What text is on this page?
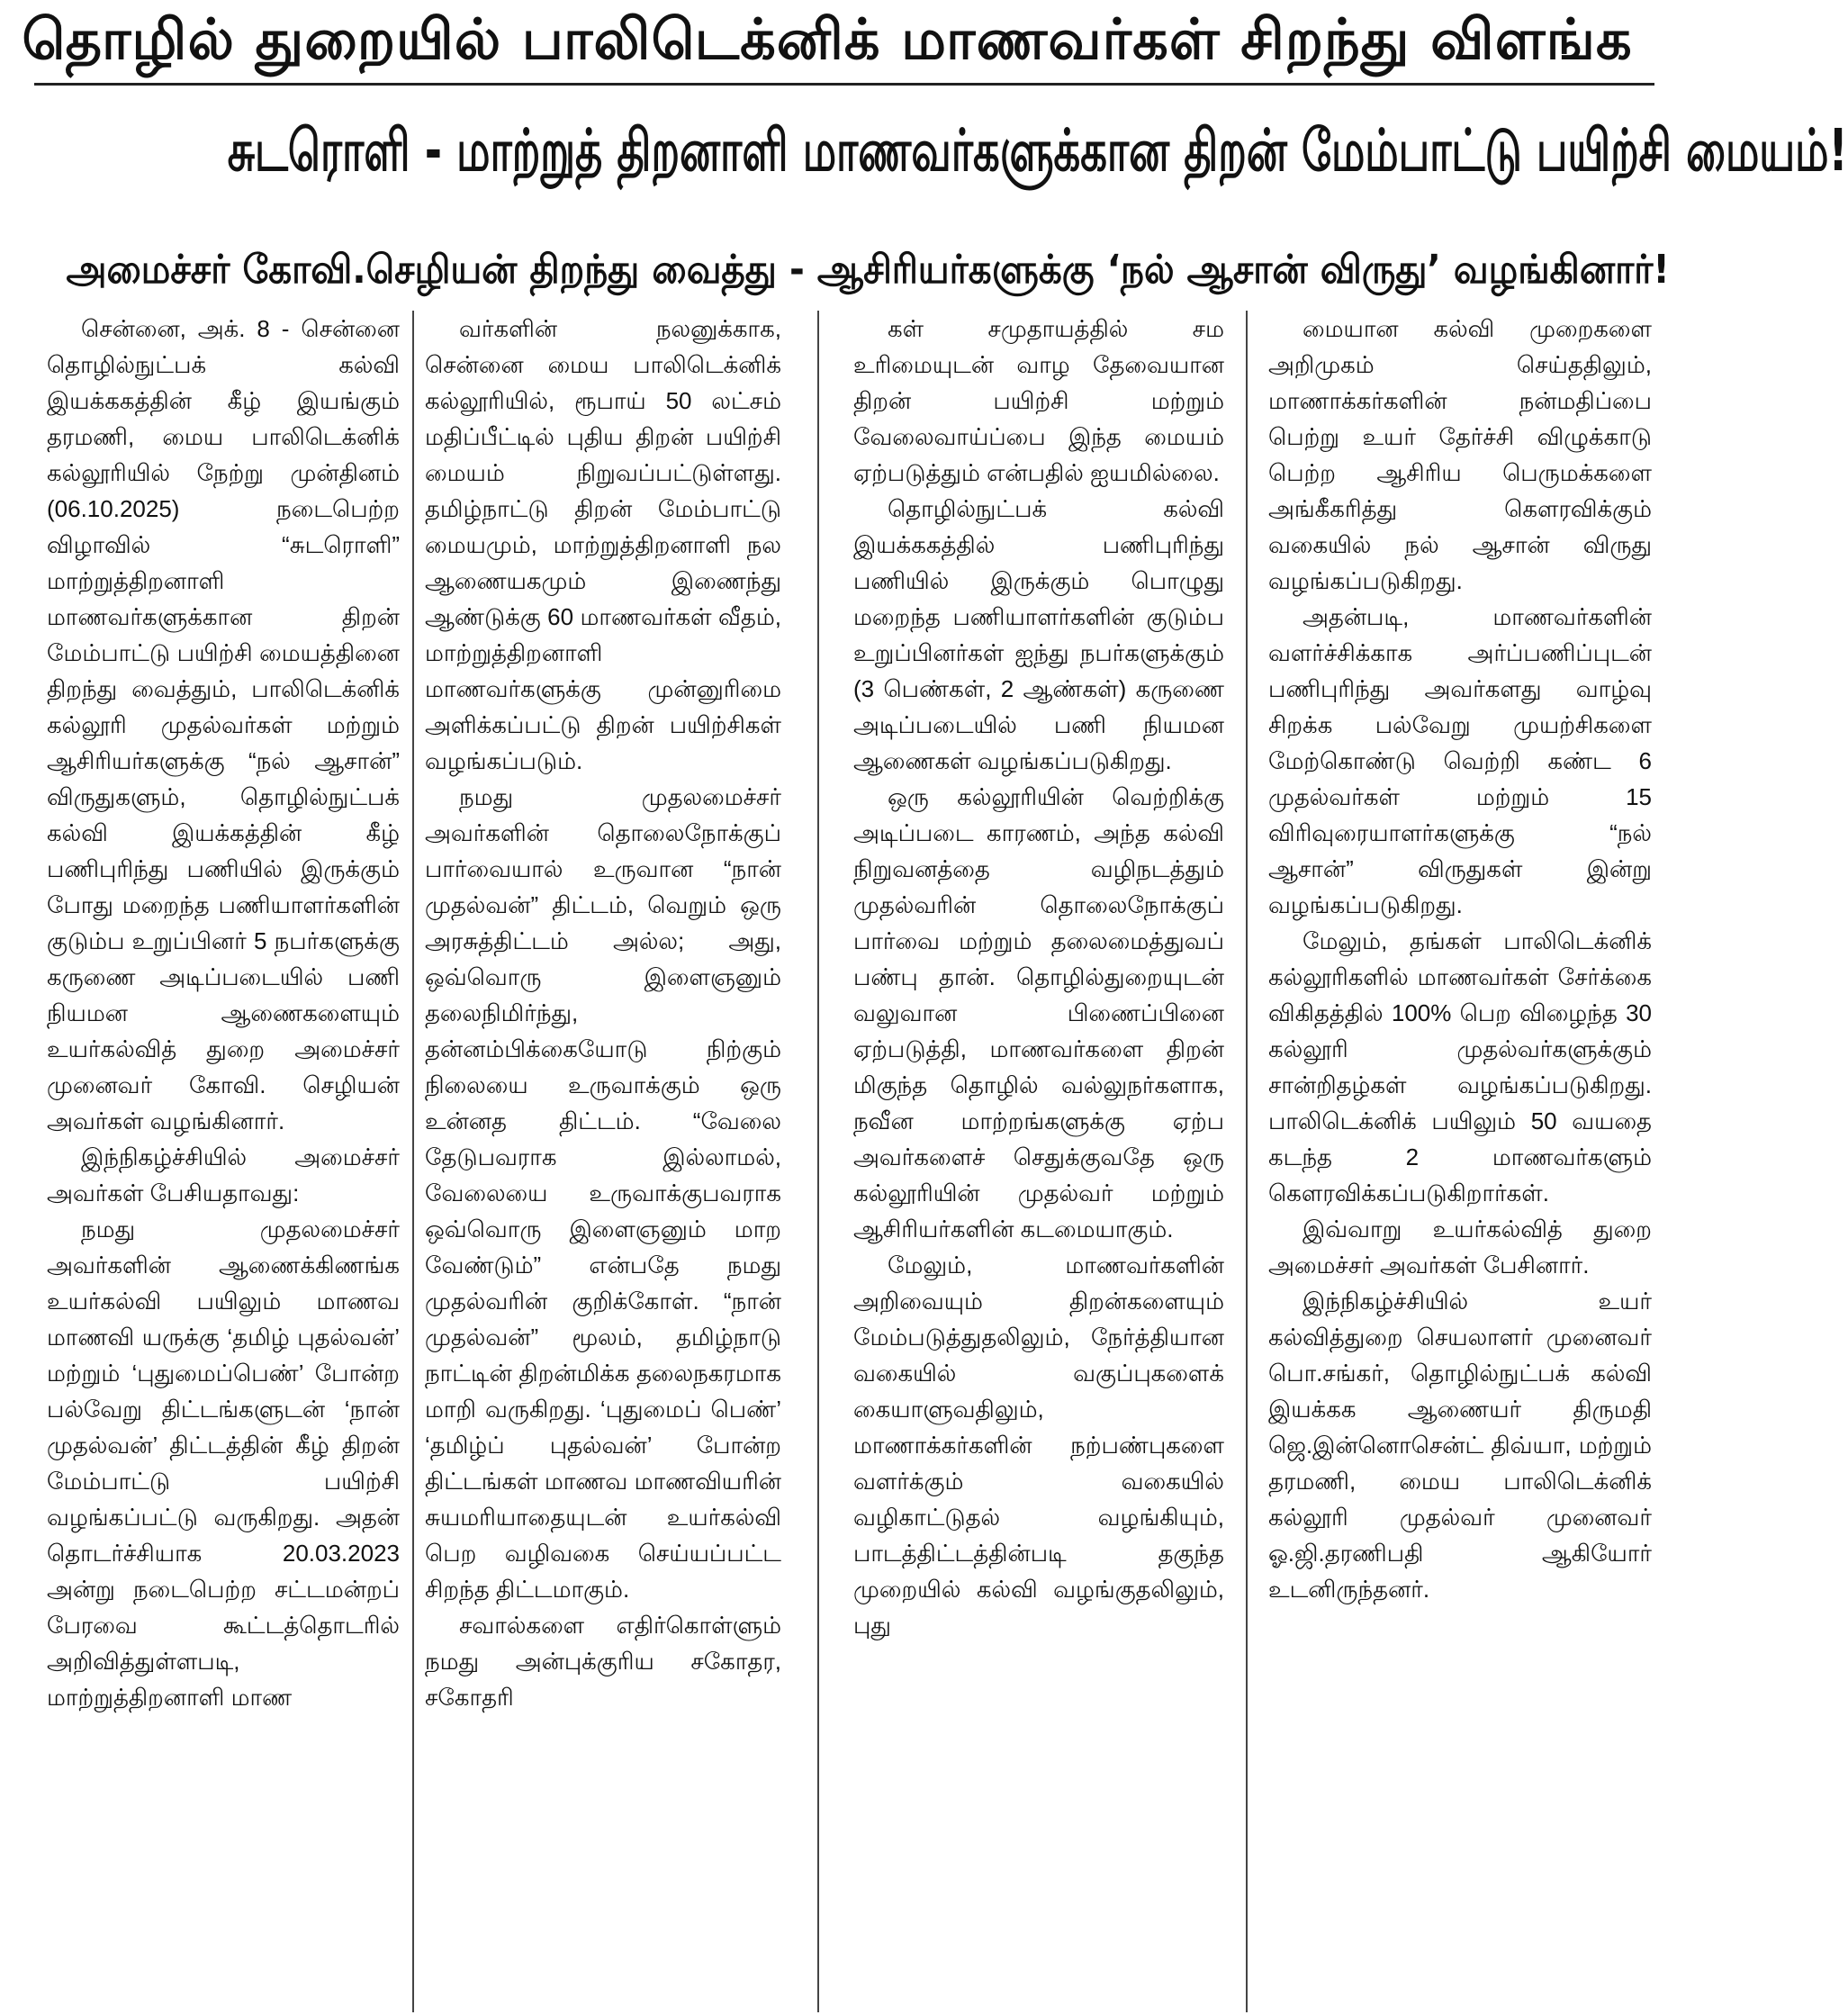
தொழில் துறையில் பாலிடெக்னிக் மாணவர்கள் சிறந்து விளங்க
சுடரொளி - மாற்றுத் திறனாளி மாணவர்களுக்கான திறன் மேம்பாட்டு பயிற்சி மையம்!
அமைச்சர் கோவி.செழியன் திறந்து வைத்து - ஆசிரியர்களுக்கு ‘நல் ஆசான் விருது’ வழங்கினார்!

சென்னை, அக். 8 - சென்னை தொழில்நுட்பக் கல்வி இயக்ககத்தின் கீழ் இயங்கும் தரமணி, மைய பாலிடெக்னிக் கல்லூரியில் நேற்று முன்தினம் (06.10.2025) நடைபெற்ற விழாவில் “சுடரொளி” மாற்றுத்திறனாளி மாணவர்களுக்கான திறன் மேம்பாட்டு பயிற்சி மையத்தினை திறந்து வைத்தும், பாலிடெக்னிக் கல்லூரி முதல்வர்கள் மற்றும் ஆசிரியர்களுக்கு “நல் ஆசான்” விருதுகளும், தொழில்நுட்பக் கல்வி இயக்கத்தின் கீழ் பணிபுரிந்து பணியில் இருக்கும் போது மறைந்த பணியாளர்களின் குடும்ப உறுப்பினர் 5 நபர்களுக்கு கருணை அடிப்படையில் பணி நியமன ஆணைகளையும் உயர்கல்வித் துறை அமைச்சர் முனைவர் கோவி. செழியன் அவர்கள் வழங்கினார்.

இந்நிகழ்ச்சியில் அமைச்சர் அவர்கள் பேசியதாவது:

நமது முதலமைச்சர் அவர்களின் ஆணைக்கிணங்க உயர்கல்வி பயிலும் மாணவ மாணவி யருக்கு ‘தமிழ் புதல்வன்’ மற்றும் ‘புதுமைப்பெண்’ போன்ற பல்வேறு திட்டங்களுடன் ‘நான் முதல்வன்’ திட்டத்தின் கீழ் திறன் மேம்பாட்டு பயிற்சி வழங்கப்பட்டு வருகிறது. அதன் தொடர்ச்சியாக 20.03.2023 அன்று நடைபெற்ற சட்டமன்றப் பேரவை கூட்டத்தொடரில் அறிவித்துள்ளபடி, மாற்றுத்திறனாளி மாண

வர்களின் நலனுக்காக, சென்னை மைய பாலிடெக்னிக் கல்லூரியில், ரூபாய் 50 லட்சம் மதிப்பீட்டில் புதிய திறன் பயிற்சி மையம் நிறுவப்பட்டுள்ளது. தமிழ்நாட்டு திறன் மேம்பாட்டு மையமும், மாற்றுத்திறனாளி நல ஆணையகமும் இணைந்து ஆண்டுக்கு 60 மாணவர்கள் வீதம், மாற்றுத்திறனாளி மாணவர்களுக்கு முன்னுரிமை அளிக்கப்பட்டு திறன் பயிற்சிகள் வழங்கப்படும்.

நமது முதலமைச்சர் அவர்களின் தொலைநோக்குப் பார்வையால் உருவான “நான் முதல்வன்” திட்டம், வெறும் ஒரு அரசுத்திட்டம் அல்ல; அது, ஒவ்வொரு இளைஞனும் தலைநிமிர்ந்து, தன்னம்பிக்கையோடு நிற்கும் நிலையை உருவாக்கும் ஒரு உன்னத திட்டம். “வேலை தேடுபவராக இல்லாமல், வேலையை உருவாக்குபவராக ஒவ்வொரு இளைஞனும் மாற வேண்டும்” என்பதே நமது முதல்வரின் குறிக்கோள். “நான் முதல்வன்” மூலம், தமிழ்நாடு நாட்டின் திறன்மிக்க தலைநகரமாக மாறி வருகிறது. ‘புதுமைப் பெண்’ ‘தமிழ்ப் புதல்வன்’ போன்ற திட்டங்கள் மாணவ மாணவியரின் சுயமரியாதையுடன் உயர்கல்வி பெற வழிவகை செய்யப்பட்ட சிறந்த திட்டமாகும்.

சவால்களை எதிர்கொள்ளும் நமது அன்புக்குரிய சகோதர, சகோதரி

கள் சமுதாயத்தில் சம உரிமையுடன் வாழ தேவையான திறன் பயிற்சி மற்றும் வேலைவாய்ப்பை இந்த மையம் ஏற்படுத்தும் என்பதில் ஐயமில்லை.

தொழில்நுட்பக் கல்வி இயக்ககத்தில் பணிபுரிந்து பணியில் இருக்கும் பொழுது மறைந்த பணியாளர்களின் குடும்ப உறுப்பினர்கள் ஐந்து நபர்களுக்கும் (3 பெண்கள், 2 ஆண்கள்) கருணை அடிப்படையில் பணி நியமன ஆணைகள் வழங்கப்படுகிறது.

ஒரு கல்லூரியின் வெற்றிக்கு அடிப்படை காரணம், அந்த கல்வி நிறுவனத்தை வழிநடத்தும் முதல்வரின் தொலைநோக்குப் பார்வை மற்றும் தலைமைத்துவப் பண்பு தான். தொழில்துறையுடன் வலுவான பிணைப்பினை ஏற்படுத்தி, மாணவர்களை திறன் மிகுந்த தொழில் வல்லுநர்களாக, நவீன மாற்றங்களுக்கு ஏற்ப அவர்களைச் செதுக்குவதே ஒரு கல்லூரியின் முதல்வர் மற்றும் ஆசிரியர்களின் கடமையாகும்.

மேலும், மாணவர்களின் அறிவையும் திறன்களையும் மேம்படுத்துதலிலும், நேர்த்தியான வகையில் வகுப்புகளைக் கையாளுவதிலும், மாணாக்கர்களின் நற்பண்புகளை வளர்க்கும் வகையில் வழிகாட்டுதல் வழங்கியும், பாடத்திட்டத்தின்படி தகுந்த முறையில் கல்வி வழங்குதலிலும், புது

மையான கல்வி முறைகளை அறிமுகம் செய்ததிலும், மாணாக்கர்களின் நன்மதிப்பை பெற்று உயர் தேர்ச்சி விழுக்காடு பெற்ற ஆசிரிய பெருமக்களை அங்கீகரித்து கௌரவிக்கும் வகையில் நல் ஆசான் விருது வழங்கப்படுகிறது.

அதன்படி, மாணவர்களின் வளர்ச்சிக்காக அர்ப்பணிப்புடன் பணிபுரிந்து அவர்களது வாழ்வு சிறக்க பல்வேறு முயற்சிகளை மேற்கொண்டு வெற்றி கண்ட 6 முதல்வர்கள் மற்றும் 15 விரிவுரையாளர்களுக்கு “நல் ஆசான்” விருதுகள் இன்று வழங்கப்படுகிறது.

மேலும், தங்கள் பாலிடெக்னிக் கல்லூரிகளில் மாணவர்கள் சேர்க்கை விகிதத்தில் 100% பெற விழைந்த 30 கல்லூரி முதல்வர்களுக்கும் சான்றிதழ்கள் வழங்கப்படுகிறது. பாலிடெக்னிக் பயிலும் 50 வயதை கடந்த 2 மாணவர்களும் கௌரவிக்கப்படுகிறார்கள்.

இவ்வாறு உயர்கல்வித் துறை அமைச்சர் அவர்கள் பேசினார்.

இந்நிகழ்ச்சியில் உயர் கல்வித்துறை செயலாளர் முனைவர் பொ.சங்கர், தொழில்நுட்பக் கல்வி இயக்கக ஆணையர் திருமதி ஜெ.இன்னொசென்ட் திவ்யா, மற்றும் தரமணி, மைய பாலிடெக்னிக் கல்லூரி முதல்வர் முனைவர் ஓ.ஜி.தரணிபதி ஆகியோர் உடனிருந்தனர்.
